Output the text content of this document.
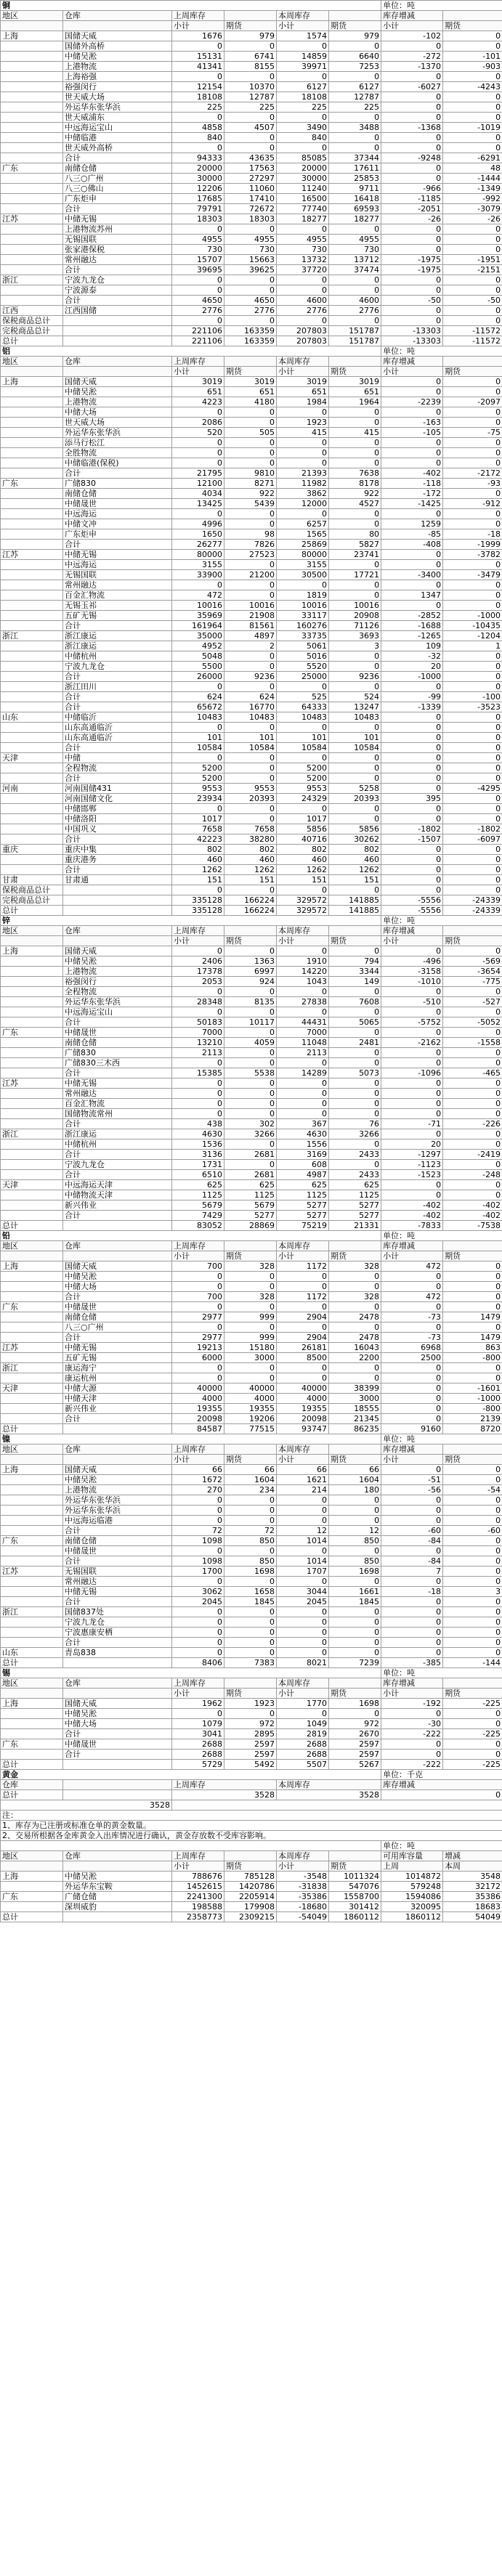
铜						单位：吨	
地区	仓库	上周库存		本周库存		库存增减	
		小计	期货	小计	期货	小计	期货
上海	国储天威	1676	979	1574	979	-102	0
	国储外高桥	0	0	0	0	0	0
	中储吴淞	15131	6741	14859	6640	-272	-101
	上港物流	41341	8155	39971	7253	-1370	-903
	上海裕强	0	0	0	0	0	0
	裕强闵行	12154	10370	6127	6127	-6027	-4243
	世天威大场	18108	12787	18108	12787	0	0
	外运华东张华浜	225	225	225	225	0	0
	世天威浦东	0	0	0	0	0	0
	中远海运宝山	4858	4507	3490	3488	-1368	-1019
	中储临港	840	0	840	0	0	0
	世天威外高桥	0	0	0	0	0	0
	合计	94333	43635	85085	37344	-9248	-6291
广东	南储仓储	20000	17563	20000	17611	0	48
	八三○广州	30000	27297	30000	25853	0	-1444
	八三○佛山	12206	11060	11240	9711	-966	-1349
	广东炬申	17685	17410	16500	16418	-1185	-992
	合计	79791	72672	77740	69593	-2051	-3079
江苏	中储无锡	18303	18303	18277	18277	-26	-26
	上港物流苏州	0	0	0	0	0	0
	无锡国联	4955	4955	4955	4955	0	0
	张家港保税	730	730	730	730	0	0
	常州融达	15707	15663	13732	13712	-1975	-1951
	合计	39695	39625	37720	37474	-1975	-2151
浙江	宁波九龙仓	0	0	0	0	0	0
	宁波源泰	0	0	0	0	0	0
	合计	4650	4650	4600	4600	-50	-50
江西	江西国储	2776	2776	2776	2776	0	0
保税商品总计		0	0	0	0	0	0
完税商品总计		221106	163359	207803	151787	-13303	-11572
总计		221106	163359	207803	151787	-13303	-11572
铝						单位：吨	
地区	仓库	上周库存		本周库存		库存增减	
		小计	期货	小计	期货	小计	期货
上海	国储天威	3019	3019	3019	3019	0	0
	中储吴淞	651	651	651	651	0	0
	上港物流	4223	4180	1984	1964	-2239	-2097
	中储大场	0	0	0	0	0	0
	世天威大场	2086	0	1923	0	-163	0
	外运华东张华浜	520	505	415	415	-105	-75
	添马行松江	0	0	0	0	0	0
	全胜物流	0	0	0	0	0	0
	中储临港(保税)	0	0	0	0	0	0
	合计	21795	9810	21393	7638	-402	-2172
广东	广储830	12100	8271	11982	8178	-118	-93
	南储仓储	4034	922	3862	922	-172	0
	中储晟世	13425	5439	12000	4527	-1425	-912
	中远海运	0	0	0	0	0	0
	中储文冲	4996	0	6257	0	1259	0
	广东炬申	1650	98	1565	80	-85	-18
	合计	26277	7826	25869	5827	-408	-1999
江苏	中储无锡	80000	27523	80000	23741	0	-3782
	中远海运	3155	0	3155	0	0	0
	无锡国联	33900	21200	30500	17721	-3400	-3479
	常州融达	0	0	0	0	0	0
	百金汇物流	472	0	1819	0	1347	0
	无锡玉祁	10016	10016	10016	10016	0	0
	五矿无锡	35969	21908	33117	20908	-2852	-1000
	合计	161964	81561	160276	71126	-1688	-10435
浙江	浙江康运	35000	4897	33735	3693	-1265	-1204
	浙江康运	4952	2	5061	3	109	1
	中储杭州	5048	0	5016	0	-32	0
	宁波九龙仓	5500	0	5520	0	20	0
	合计	26000	9236	25000	9236	-1000	0
	浙江田川	0	0	0	0	0	0
	合计	624	624	525	524	-99	-100
	合计	65672	16770	64333	13247	-1339	-3523
山东	中储临沂	10483	10483	10483	10483	0	0
	山东高通临沂	0	0	0	0	0	0
	山东高通临沂	101	101	101	101	0	0
	合计	10584	10584	10584	10584	0	0
天津	中储	0	0	0	0	0	0
	全程物流	5200	0	5200	0	0	0
	合计	5200	0	5200	0	0	0
河南	河南国储431	9553	9553	9553	5258	0	-4295
	河南国储文化	23934	20393	24329	20393	395	0
	中储邯郸	0	0	0	0	0	0
	中储洛阳	1017	0	1017	0	0	0
	中国巩义	7658	7658	5856	5856	-1802	-1802
	合计	42223	38280	40716	30262	-1507	-6097
重庆	重庆中集	802	802	802	802	0	0
	重庆港务	460	460	460	460	0	0
	合计	1262	1262	1262	1262	0	0
甘肃	甘肃通	151	151	151	151	0	0
保税商品总计		0	0	0	0	0	0
完税商品总计		335128	166224	329572	141885	-5556	-24339
总计		335128	166224	329572	141885	-5556	-24339
锌						单位：吨	
地区	仓库	上周库存		本周库存		库存增减	
		小计	期货	小计	期货	小计	期货
上海	国储天威	0	0	0	0	0	0
	中储吴淞	2406	1363	1910	794	-496	-569
	上港物流	17378	6997	14220	3344	-3158	-3654
	裕强闵行	2053	924	1043	149	-1010	-775
	全程物流	0	0	0	0	0	0
	外运华东张华浜	28348	8135	27838	7608	-510	-527
	中远海运宝山	0	0	0	0	0	0
	合计	50183	10117	44431	5065	-5752	-5052
广东	中储晟世	7000	0	7000	0	0	0
	南储仓储	13210	4059	11048	2481	-2162	-1558
	广储830	2113	0	2113	0	0	0
	广储830三木西	0	0	0	0	0	0
	合计	15385	5538	14289	5073	-1096	-465
江苏	中储无锡	0	0	0	0	0	0
	常州融达	0	0	0	0	0	0
	百金汇物流	0	0	0	0	0	0
	国储物流常州	0	0	0	0	0	0
	合计	438	302	367	76	-71	-226
浙江	浙江康运	4630	3266	4630	3266	0	0
	中储杭州	1536	0	1556	0	20	0
	合计	3136	2681	3169	2433	-1297	-2419
	宁波九龙仓	1731	0	608	0	-1123	0
	合计	6510	2681	4987	2433	-1523	-248
天津	中远海运天津	625	625	625	625	0	0
	中储物流天津	1125	1125	1125	1125	0	0
	新兴伟业	5679	5679	5277	5277	-402	-402
	合计	7429	5277	5277	5277	-402	-402
总计		83052	28869	75219	21331	-7833	-7538
铅						单位：吨	
地区	仓库	上周库存		本周库存		库存增减	
		小计	期货	小计	期货	小计	期货
上海	国储天威	700	328	1172	328	472	0
	中储吴淞	0	0	0	0	0	0
	中储大场	0	0	0	0	0	0
	合计	700	328	1172	328	472	0
广东	中储晟世	0	0	0	0	0	0
	南储仓储	2977	999	2904	2478	-73	1479
	八三○广州	0	0	0	0	0	0
	合计	2977	999	2904	2478	-73	1479
江苏	中储无锡	19213	15180	26181	16043	6968	863
	五矿无锡	6000	3000	8500	2200	2500	-800
浙江	康运海宁	0	0	0	0	0	0
	康运杭州	0	0	0	0	0	0
天津	中储大源	40000	40000	40000	38399	0	-1601
	中储天津	4000	4000	4000	3000	0	-1000
	新兴伟业	19355	19355	19355	18555	0	-800
	合计	20098	19206	20098	21345	0	2139
总计		84587	77515	93747	86235	9160	8720
镍						单位：吨	
地区	仓库	上周库存		本周库存		库存增减	
		小计	期货	小计	期货	小计	期货
上海	国储天威	66	66	66	66	0	0
	中储吴淞	1672	1604	1621	1604	-51	0
	上港物流	270	234	214	180	-56	-54
	外运华东张华浜	0	0	0	0	0	0
	外运华东张华浜	0	0	0	0	0	0
	中远海运临港	0	0	0	0	0	0
	合计	72	72	12	12	-60	-60
广东	南储仓储	1098	850	1014	850	-84	0
	中储晟世	0	0	0	0	0	0
	合计	1098	850	1014	850	-84	0
江苏	无锡国联	1700	1698	1707	1698	7	0
	常州融达	0	0	0	0	0	0
	中储无锡	3062	1658	3044	1661	-18	3
	合计	2045	1845	2045	1845	0	0
浙江	国储837处	0	0	0	0	0	0
	宁波九龙仓	0	0	0	0	0	0
	宁波惠康安栖	0	0	0	0	0	0
	合计	0	0	0	0	0	0
山东	青岛838	0	0	0	0	0	0
总计		8406	7383	8021	7239	-385	-144
锡						单位：吨	
地区	仓库	上周库存		本周库存		库存增减	
		小计	期货	小计	期货	小计	期货
上海	国储天威	1962	1923	1770	1698	-192	-225
	中储吴淞	0	0	0	0	0	0
	中储大场	1079	972	1049	972	-30	0
	合计	3041	2895	2819	2670	-222	-225
广东	中储晟世	2688	2597	2688	2597	0	0
	合计	2688	2597	2688	2597	0	0
总计		5729	5492	5507	5267	-222	-225
黄金						单位：千克	
仓库		上周库存		本周库存		库存增减	
总计		3528		3528		0	
3528							
注：							
1、库存为已注册或标准仓单的黄金数量。							
2、交易所根据各金库黄金入出库情况进行确认，黄金存放数不受库容影响。							
						单位：吨	
地区	仓库	上周库存		本周库存		可用库容量	增减
		小计	期货	小计	期货	上周	本周
上海	中储吴淞	788676	785128	-3548	1011324	1014872	3548
	外运华东宝鞍	1452615	1420786	-31838	547076	579248	32172
广东	广储仓储	2241300	2205914	-35386	1558700	1594086	35386
	深圳威豹	198588	179908	-18680	301412	320095	18683
总计		2358773	2309215	-54049	1860112	1860112	54049
